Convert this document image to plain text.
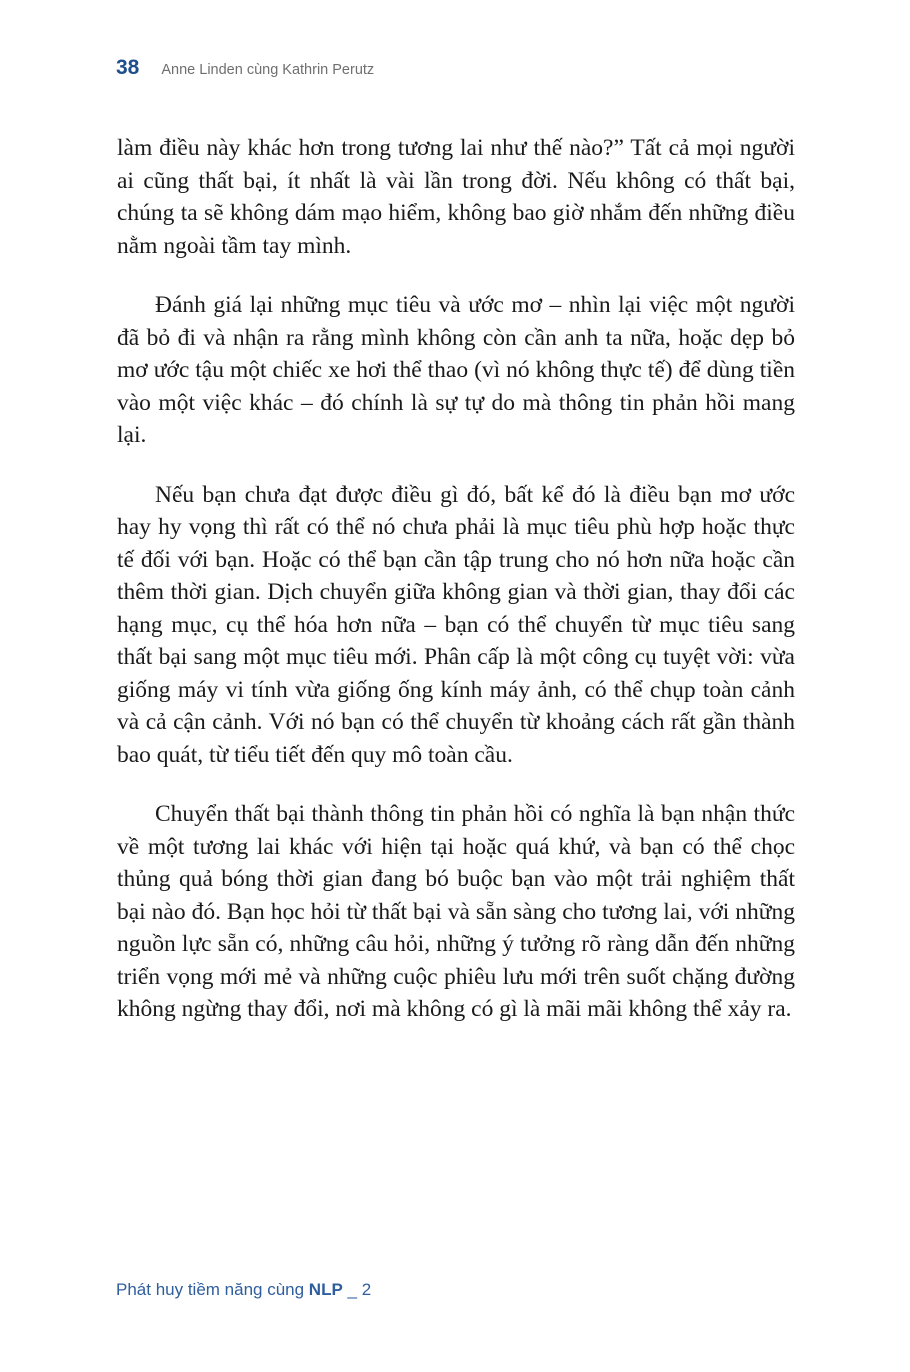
38 Anne Linden cùng Kathrin Perutz

làm điều này khác hơn trong tương lai như thế nào?” Tất cả mọi người ai cũng thất bại, ít nhất là vài lần trong đời. Nếu không có thất bại, chúng ta sẽ không dám mạo hiểm, không bao giờ nhắm đến những điều nằm ngoài tầm tay mình.

Đánh giá lại những mục tiêu và ước mơ – nhìn lại việc một người đã bỏ đi và nhận ra rằng mình không còn cần anh ta nữa, hoặc dẹp bỏ mơ ước tậu một chiếc xe hơi thể thao (vì nó không thực tế) để dùng tiền vào một việc khác – đó chính là sự tự do mà thông tin phản hồi mang lại.

Nếu bạn chưa đạt được điều gì đó, bất kể đó là điều bạn mơ ước hay hy vọng thì rất có thể nó chưa phải là mục tiêu phù hợp hoặc thực tế đối với bạn. Hoặc có thể bạn cần tập trung cho nó hơn nữa hoặc cần thêm thời gian. Dịch chuyển giữa không gian và thời gian, thay đổi các hạng mục, cụ thể hóa hơn nữa – bạn có thể chuyển từ mục tiêu sang thất bại sang một mục tiêu mới. Phân cấp là một công cụ tuyệt vời: vừa giống máy vi tính vừa giống ống kính máy ảnh, có thể chụp toàn cảnh và cả cận cảnh. Với nó bạn có thể chuyển từ khoảng cách rất gần thành bao quát, từ tiểu tiết đến quy mô toàn cầu.

Chuyển thất bại thành thông tin phản hồi có nghĩa là bạn nhận thức về một tương lai khác với hiện tại hoặc quá khứ, và bạn có thể chọc thủng quả bóng thời gian đang bó buộc bạn vào một trải nghiệm thất bại nào đó. Bạn học hỏi từ thất bại và sẵn sàng cho tương lai, với những nguồn lực sẵn có, những câu hỏi, những ý tưởng rõ ràng dẫn đến những triển vọng mới mẻ và những cuộc phiêu lưu mới trên suốt chặng đường không ngừng thay đổi, nơi mà không có gì là mãi mãi không thể xảy ra.

Phát huy tiềm năng cùng NLP _ 2
